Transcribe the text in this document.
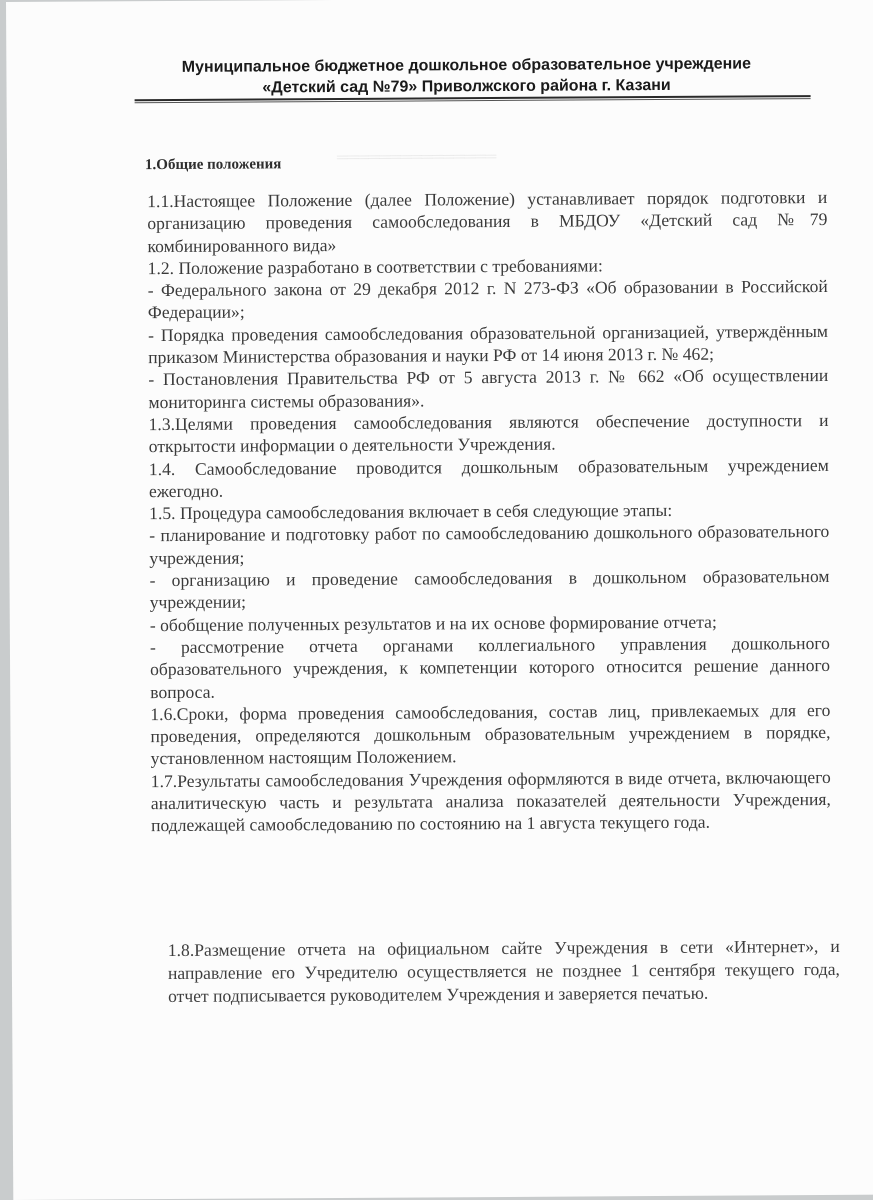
═══════════════
Муниципальное бюджетное дошкольное образовательное учреждение
«Детский сад №79» Приволжского района г. Казани
1.Общие положения

1.1.Настоящее Положение (далее Положение) устанавливает порядок подготовки и организацию проведения самообследования в МБДОУ «Детский сад №79 комбинированного вида»

1.2. Положение разработано в соответствии с требованиями:

- Федерального закона от 29 декабря 2012 г. N 273-ФЗ «Об образовании в Российской Федерации»;

- Порядка проведения самообследования образовательной организацией, утверждённым приказом Министерства образования и науки РФ от 14 июня 2013 г. № 462;

- Постановления Правительства РФ от 5 августа 2013 г. № 662 «Об осуществлении мониторинга системы образования».

1.3.Целями проведения самообследования являются обеспечение доступности и открытости информации о деятельности Учреждения.

1.4. Самообследование проводится дошкольным образовательным учреждением ежегодно.

1.5. Процедура самообследования включает в себя следующие этапы:

- планирование и подготовку работ по самообследованию дошкольного образовательного учреждения;

- организацию и проведение самообследования в дошкольном образовательном учреждении;

- обобщение полученных результатов и на их основе формирование отчета;

- рассмотрение отчета органами коллегиального управления дошкольного образовательного учреждения, к компетенции которого относится решение данного вопроса.

1.6.Сроки, форма проведения самообследования, состав лиц, привлекаемых для его проведения, определяются дошкольным образовательным учреждением в порядке, установленном настоящим Положением.

1.7.Результаты самообследования Учреждения оформляются в виде отчета, включающего аналитическую часть и результата анализа показателей деятельности Учреждения, подлежащей самообследованию по состоянию на 1 августа текущего года.

1.8.Размещение отчета на официальном сайте Учреждения в сети «Интернет», и направление его Учредителю осуществляется не позднее 1 сентября текущего года, отчет подписывается руководителем Учреждения и заверяется печатью.
